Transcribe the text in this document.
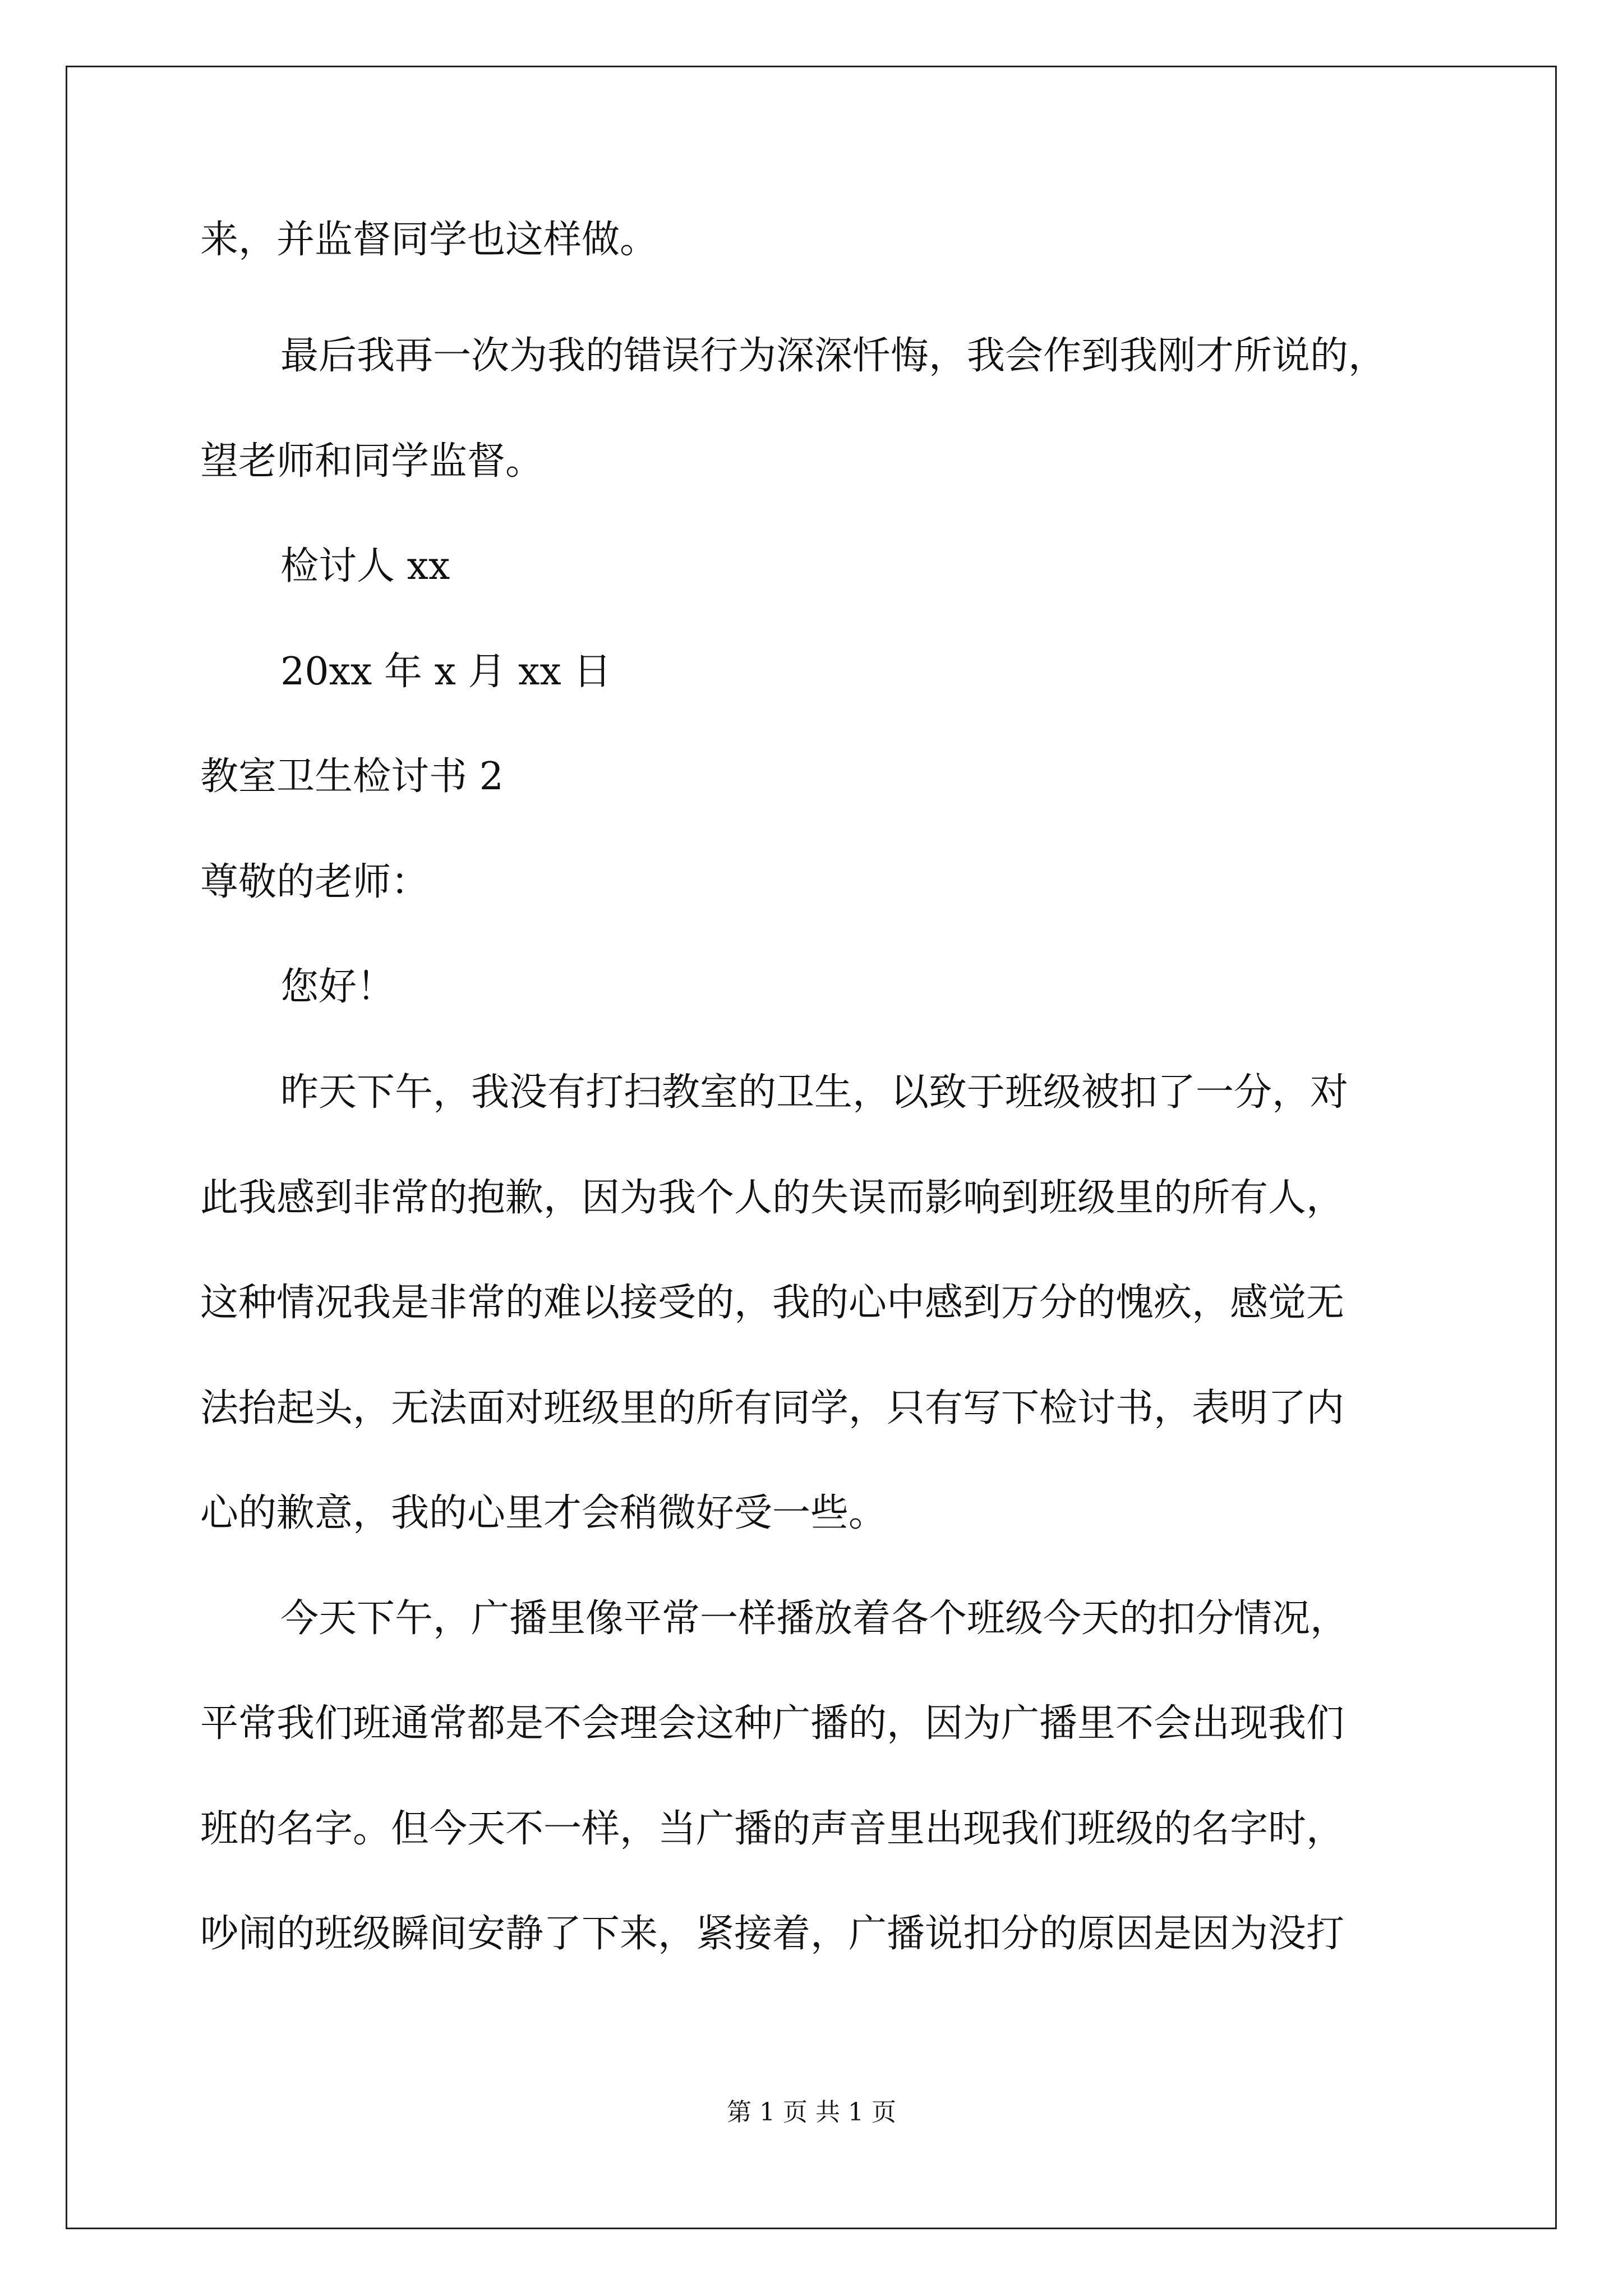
来，并监督同学也这样做。
最后我再一次为我的错误行为深深忏悔，我会作到我刚才所说的，
望老师和同学监督。
检讨人 xx
20xx 年 x 月 xx 日
教室卫生检讨书 2
尊敬的老师：
您好！
昨天下午，我没有打扫教室的卫生，以致于班级被扣了一分，对
此我感到非常的抱歉，因为我个人的失误而影响到班级里的所有人，
这种情况我是非常的难以接受的，我的心中感到万分的愧疚，感觉无
法抬起头，无法面对班级里的所有同学，只有写下检讨书，表明了内
心的歉意，我的心里才会稍微好受一些。
今天下午，广播里像平常一样播放着各个班级今天的扣分情况，
平常我们班通常都是不会理会这种广播的，因为广播里不会出现我们
班的名字。但今天不一样，当广播的声音里出现我们班级的名字时，
吵闹的班级瞬间安静了下来，紧接着，广播说扣分的原因是因为没打
第 1 页 共 1 页
